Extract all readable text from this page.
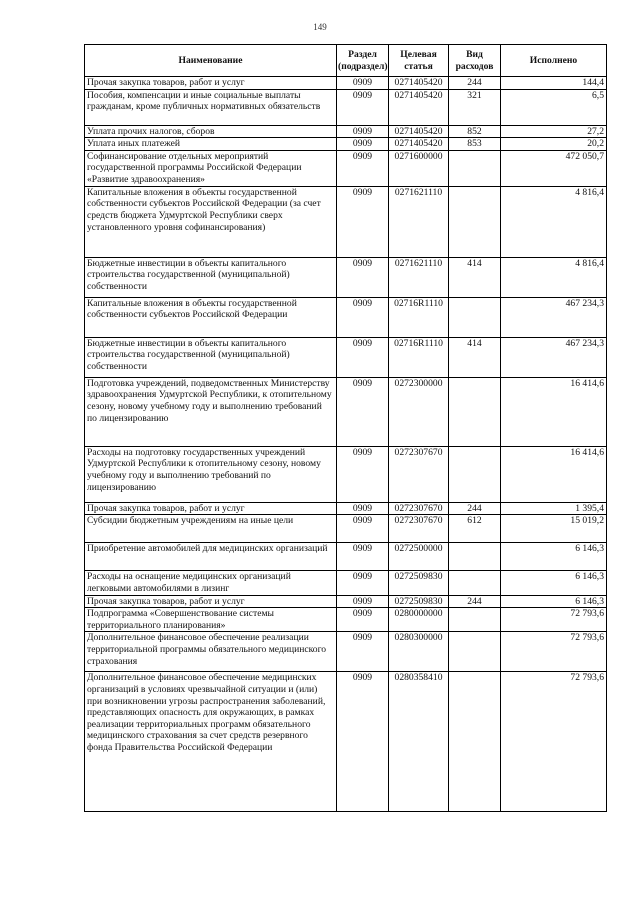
149
Наименование	Раздел (подраздел)	Целевая статья	Вид расходов	Исполнено
Прочая закупка товаров, работ и услуг	0909	0271405420	244	144,4
Пособия, компенсации и иные социальные выплаты гражданам, кроме публичных нормативных обязательств	0909	0271405420	321	6,5
Уплата прочих налогов, сборов	0909	0271405420	852	27,2
Уплата иных платежей	0909	0271405420	853	20,2
Софинансирование отдельных мероприятий государственной программы Российской Федерации «Развитие здравоохранения»	0909	0271600000		472 050,7
Капитальные вложения в объекты государственной собственности субъектов Российской Федерации (за счет средств бюджета Удмуртской Республики сверх установленного уровня софинансирования)	0909	0271621110		4 816,4
Бюджетные инвестиции в объекты капитального строительства государственной (муниципальной) собственности	0909	0271621110	414	4 816,4
Капитальные вложения в объекты государственной собственности субъектов Российской Федерации	0909	02716R1110		467 234,3
Бюджетные инвестиции в объекты капитального строительства государственной (муниципальной) собственности	0909	02716R1110	414	467 234,3
Подготовка учреждений, подведомственных Министерству здравоохранения Удмуртской Республики, к отопительному сезону, новому учебному году и выполнению требований по лицензированию	0909	0272300000		16 414,6
Расходы на подготовку государственных учреждений Удмуртской Республики к отопительному сезону, новому учебному году и выполнению требований по лицензированию	0909	0272307670		16 414,6
Прочая закупка товаров, работ и услуг	0909	0272307670	244	1 395,4
Субсидии бюджетным учреждениям на иные цели	0909	0272307670	612	15 019,2
Приобретение автомобилей для медицинских организаций	0909	0272500000		6 146,3
Расходы на оснащение медицинских организаций легковыми автомобилями в лизинг	0909	0272509830		6 146,3
Прочая закупка товаров, работ и услуг	0909	0272509830	244	6 146,3
Подпрограмма «Совершенствование системы территориального планирования»	0909	0280000000		72 793,6
Дополнительное финансовое обеспечение реализации территориальной программы обязательного медицинского страхования	0909	0280300000		72 793,6
Дополнительное финансовое обеспечение медицинских организаций в условиях чрезвычайной ситуации и (или) при возникновении угрозы распространения заболеваний, представляющих опасность для окружающих, в рамках реализации территориальных программ обязательного медицинского страхования за счет средств резервного фонда Правительства Российской Федерации	0909	0280358410		72 793,6
